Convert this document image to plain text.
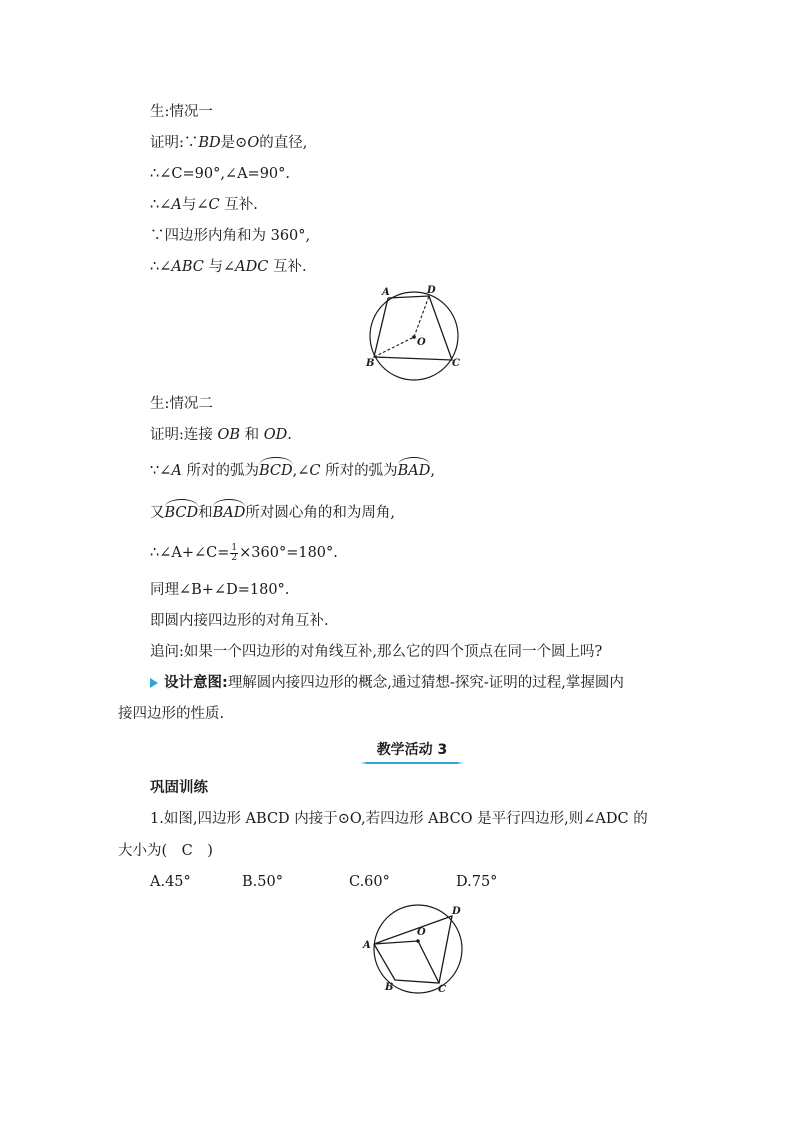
生:情况一
证明:∵BD是⊙O的直径,
∴∠C=90°,∠A=90°.
∴∠A与∠C 互补.
∵四边形内角和为 360°,
∴∠ABC 与∠ADC 互补.
A	D
O
B	C
生:情况二
证明:连接 OB 和 OD.
∵∠A 所对的弧为BCD,∠C 所对的弧为BAD,
又BCD和BAD所对圆心角的和为周角,
∴∠A+∠C= $\frac{1}{2} \times 360^\circ=180^\circ$.
同理∠B+∠D=180°.
即圆内接四边形的对角互补.
追问:如果一个四边形的对角线互补,那么它的四个顶点在同一个圆上吗?
设计意图:理解圆内接四边形的概念,通过猜想-探究-证明的过程,掌握圆内
接四边形的性质.
教学活动 3
巩固训练
1.如图,四边形 ABCD 内接于⊙O,若四边形 ABCO 是平行四边形,则∠ADC 的
大小为(　C　)
A.45°	B.50°	C.60°	D.75°
A
O
D
B	C
